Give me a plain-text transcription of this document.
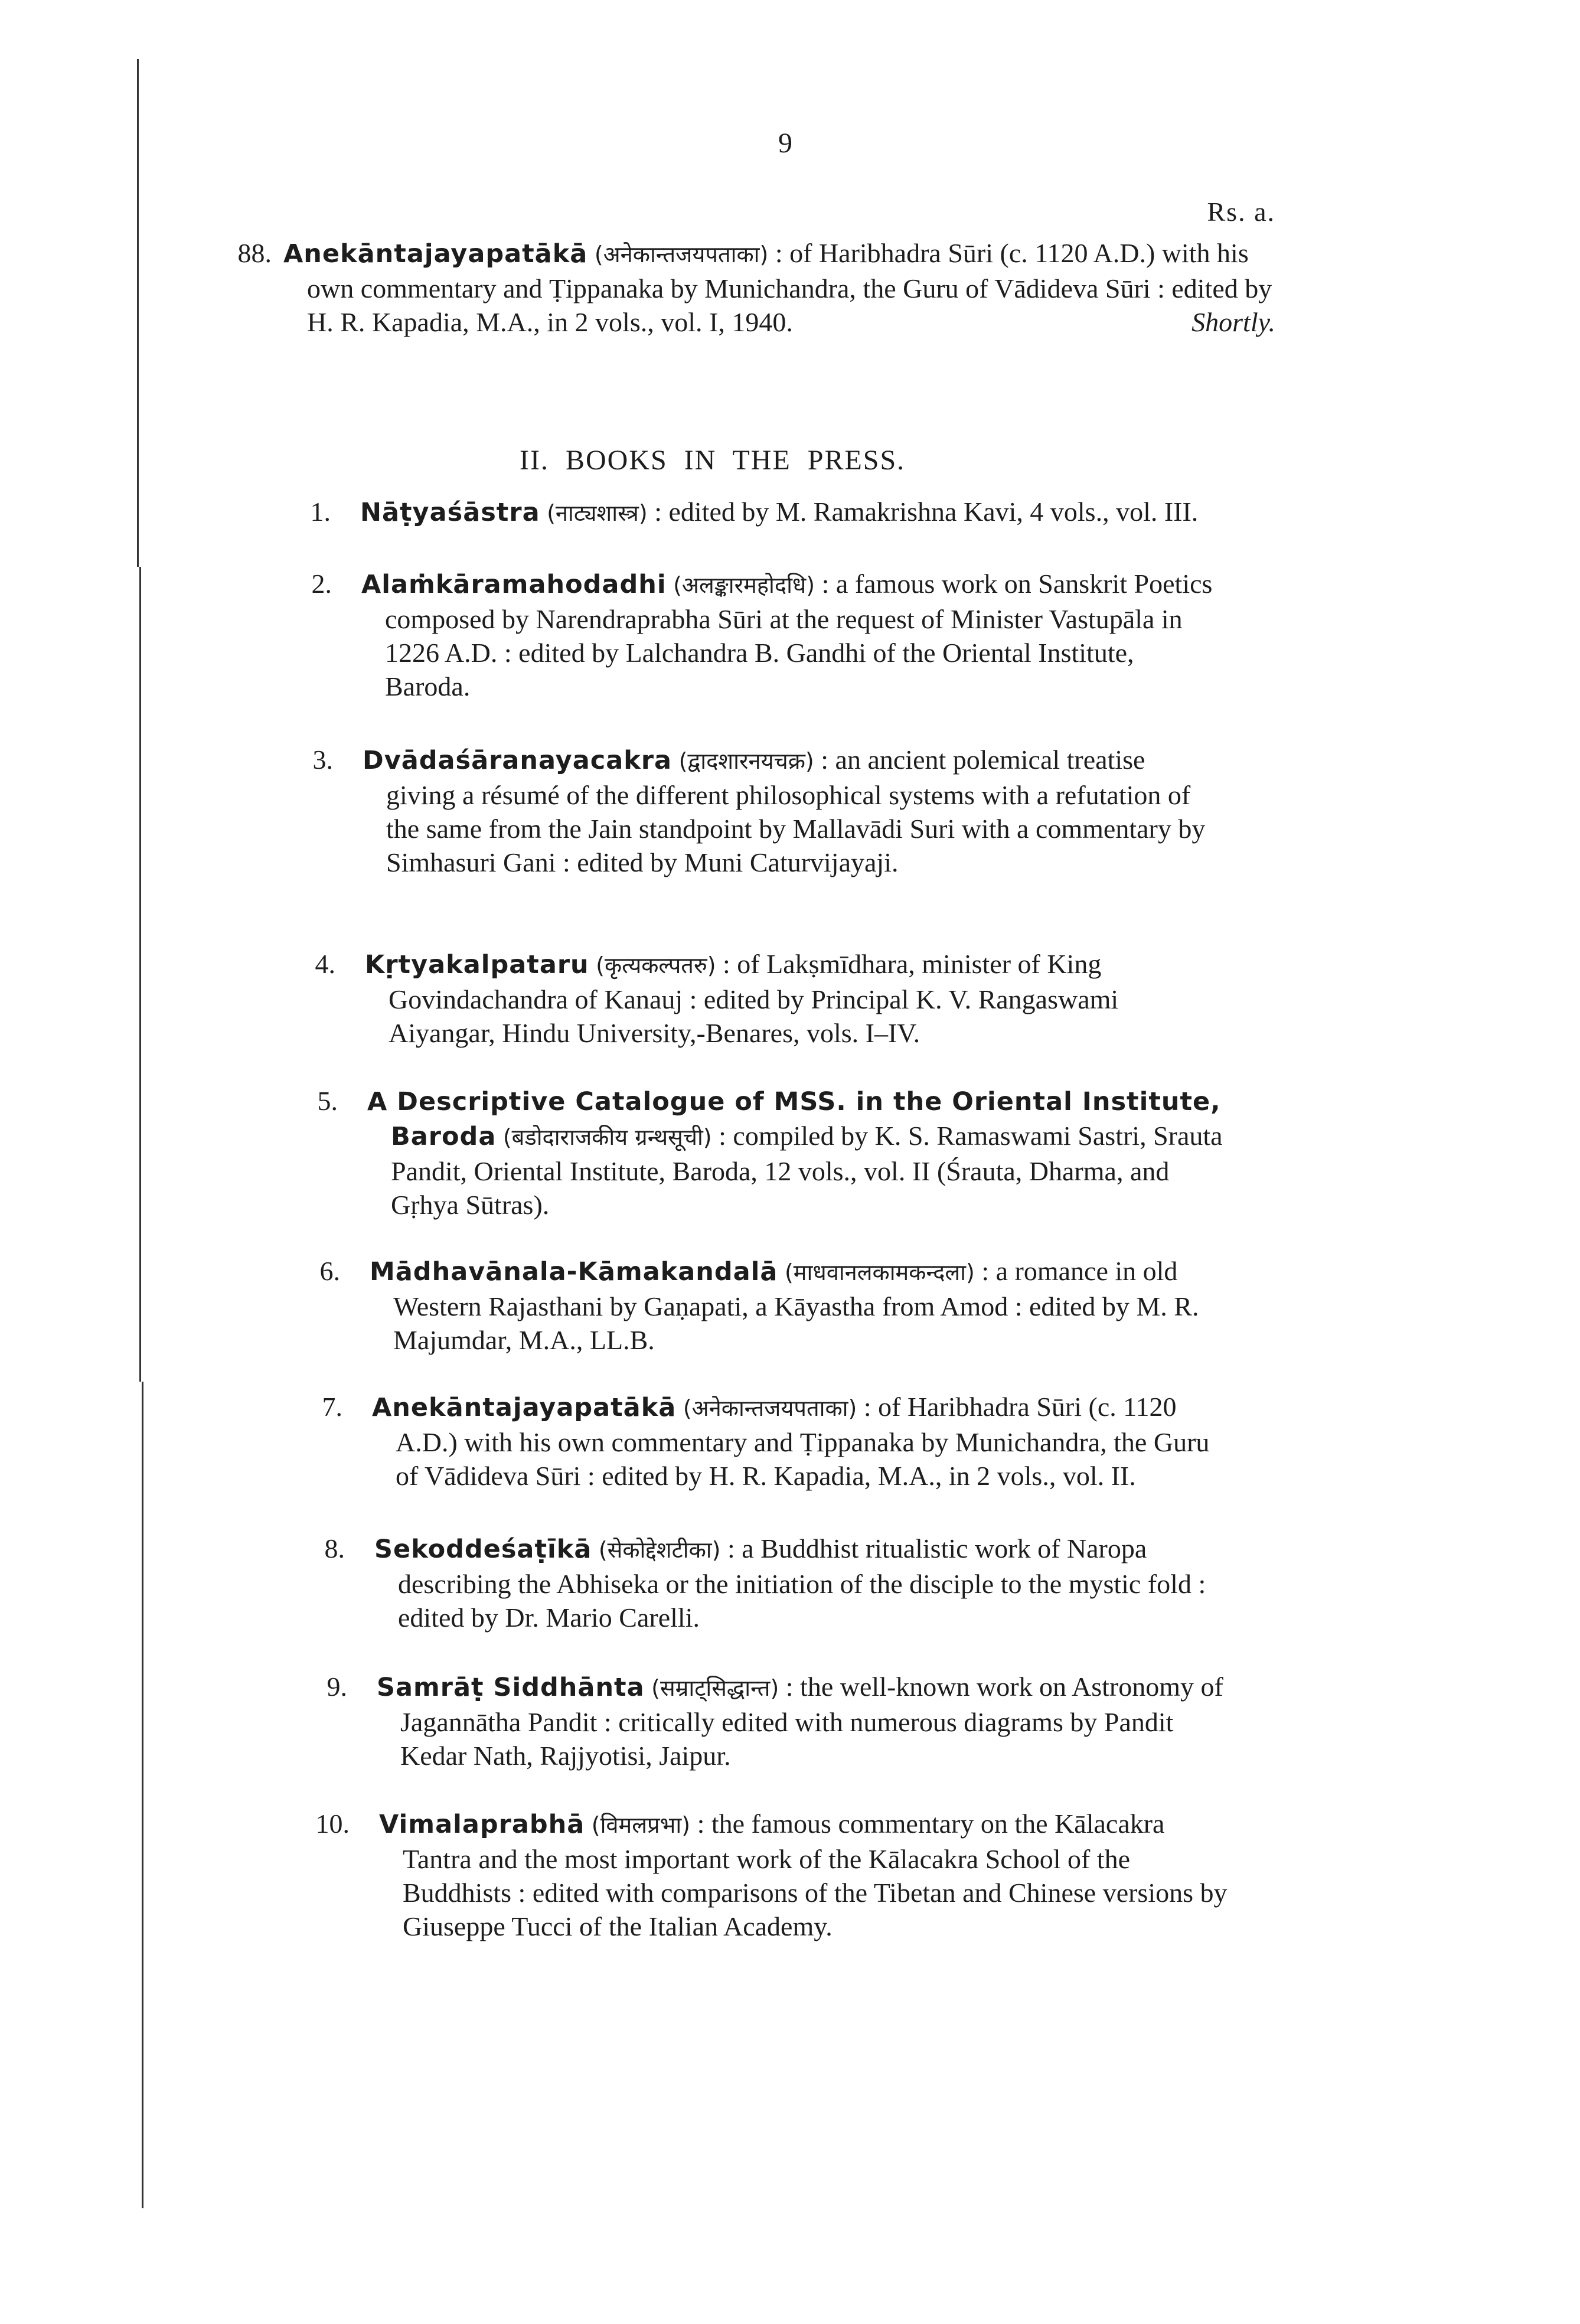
9
Rs. a.
88. Anekāntajayapatākā (अनेकान्तजयपताका) : of Haribhadra Sūri (c. 1120 A.D.) with his own commentary and Ṭippanaka by Munichandra, the Guru of Vādideva Sūri : edited by H. R. Kapadia, M.A., in 2 vols., vol. I, 1940.	Shortly.

II. BOOKS IN THE PRESS.
1. Nāṭyaśāstra (नाट्यशास्त्र) : edited by M. Ramakrishna Kavi, 4 vols., vol. III.

2. Alaṁkāramahodadhi (अलङ्कारमहोदधि) : a famous work on Sanskrit Poetics composed by Narendraprabha Sūri at the request of Minister Vastupāla in 1226 A.D. : edited by Lalchandra B. Gandhi of the Oriental Institute, Baroda.

3. Dvādaśāranayacakra (द्वादशारनयचक्र) : an ancient polemical treatise giving a résumé of the different philosophical systems with a refutation of the same from the Jain standpoint by Mallavādi Suri with a commentary by Simhasuri Gani : edited by Muni Caturvijayaji.

4. Kṛtyakalpataru (कृत्यकल्पतरु) : of Lakṣmīdhara, minister of King Govindachandra of Kanauj : edited by Principal K. V. Rangaswami Aiyangar, Hindu University,-Benares, vols. I–IV.

5. A Descriptive Catalogue of MSS. in the Oriental Institute, Baroda (बडोदाराजकीय ग्रन्थसूची) : compiled by K. S. Ramaswami Sastri, Srauta Pandit, Oriental Institute, Baroda, 12 vols., vol. II (Śrauta, Dharma, and Gṛhya Sūtras).

6. Mādhavānala-Kāmakandalā (माधवानलकामकन्दला) : a romance in old Western Rajasthani by Gaṇapati, a Kāyastha from Amod : edited by M. R. Majumdar, M.A., LL.B.

7. Anekāntajayapatākā (अनेकान्तजयपताका) : of Haribhadra Sūri (c. 1120 A.D.) with his own commentary and Ṭippanaka by Munichandra, the Guru of Vādideva Sūri : edited by H. R. Kapadia, M.A., in 2 vols., vol. II.

8. Sekoddeśaṭīkā (सेकोद्देशटीका) : a Buddhist ritualistic work of Naropa describing the Abhiseka or the initiation of the disciple to the mystic fold : edited by Dr. Mario Carelli.

9. Samrāṭ Siddhānta (सम्राट्सिद्धान्त) : the well-known work on Astronomy of Jagannātha Pandit : critically edited with numerous diagrams by Pandit Kedar Nath, Rajjyotisi, Jaipur.

10. Vimalaprabhā (विमलप्रभा) : the famous commentary on the Kālacakra Tantra and the most important work of the Kālacakra School of the Buddhists : edited with comparisons of the Tibetan and Chinese versions by Giuseppe Tucci of the Italian Academy.
